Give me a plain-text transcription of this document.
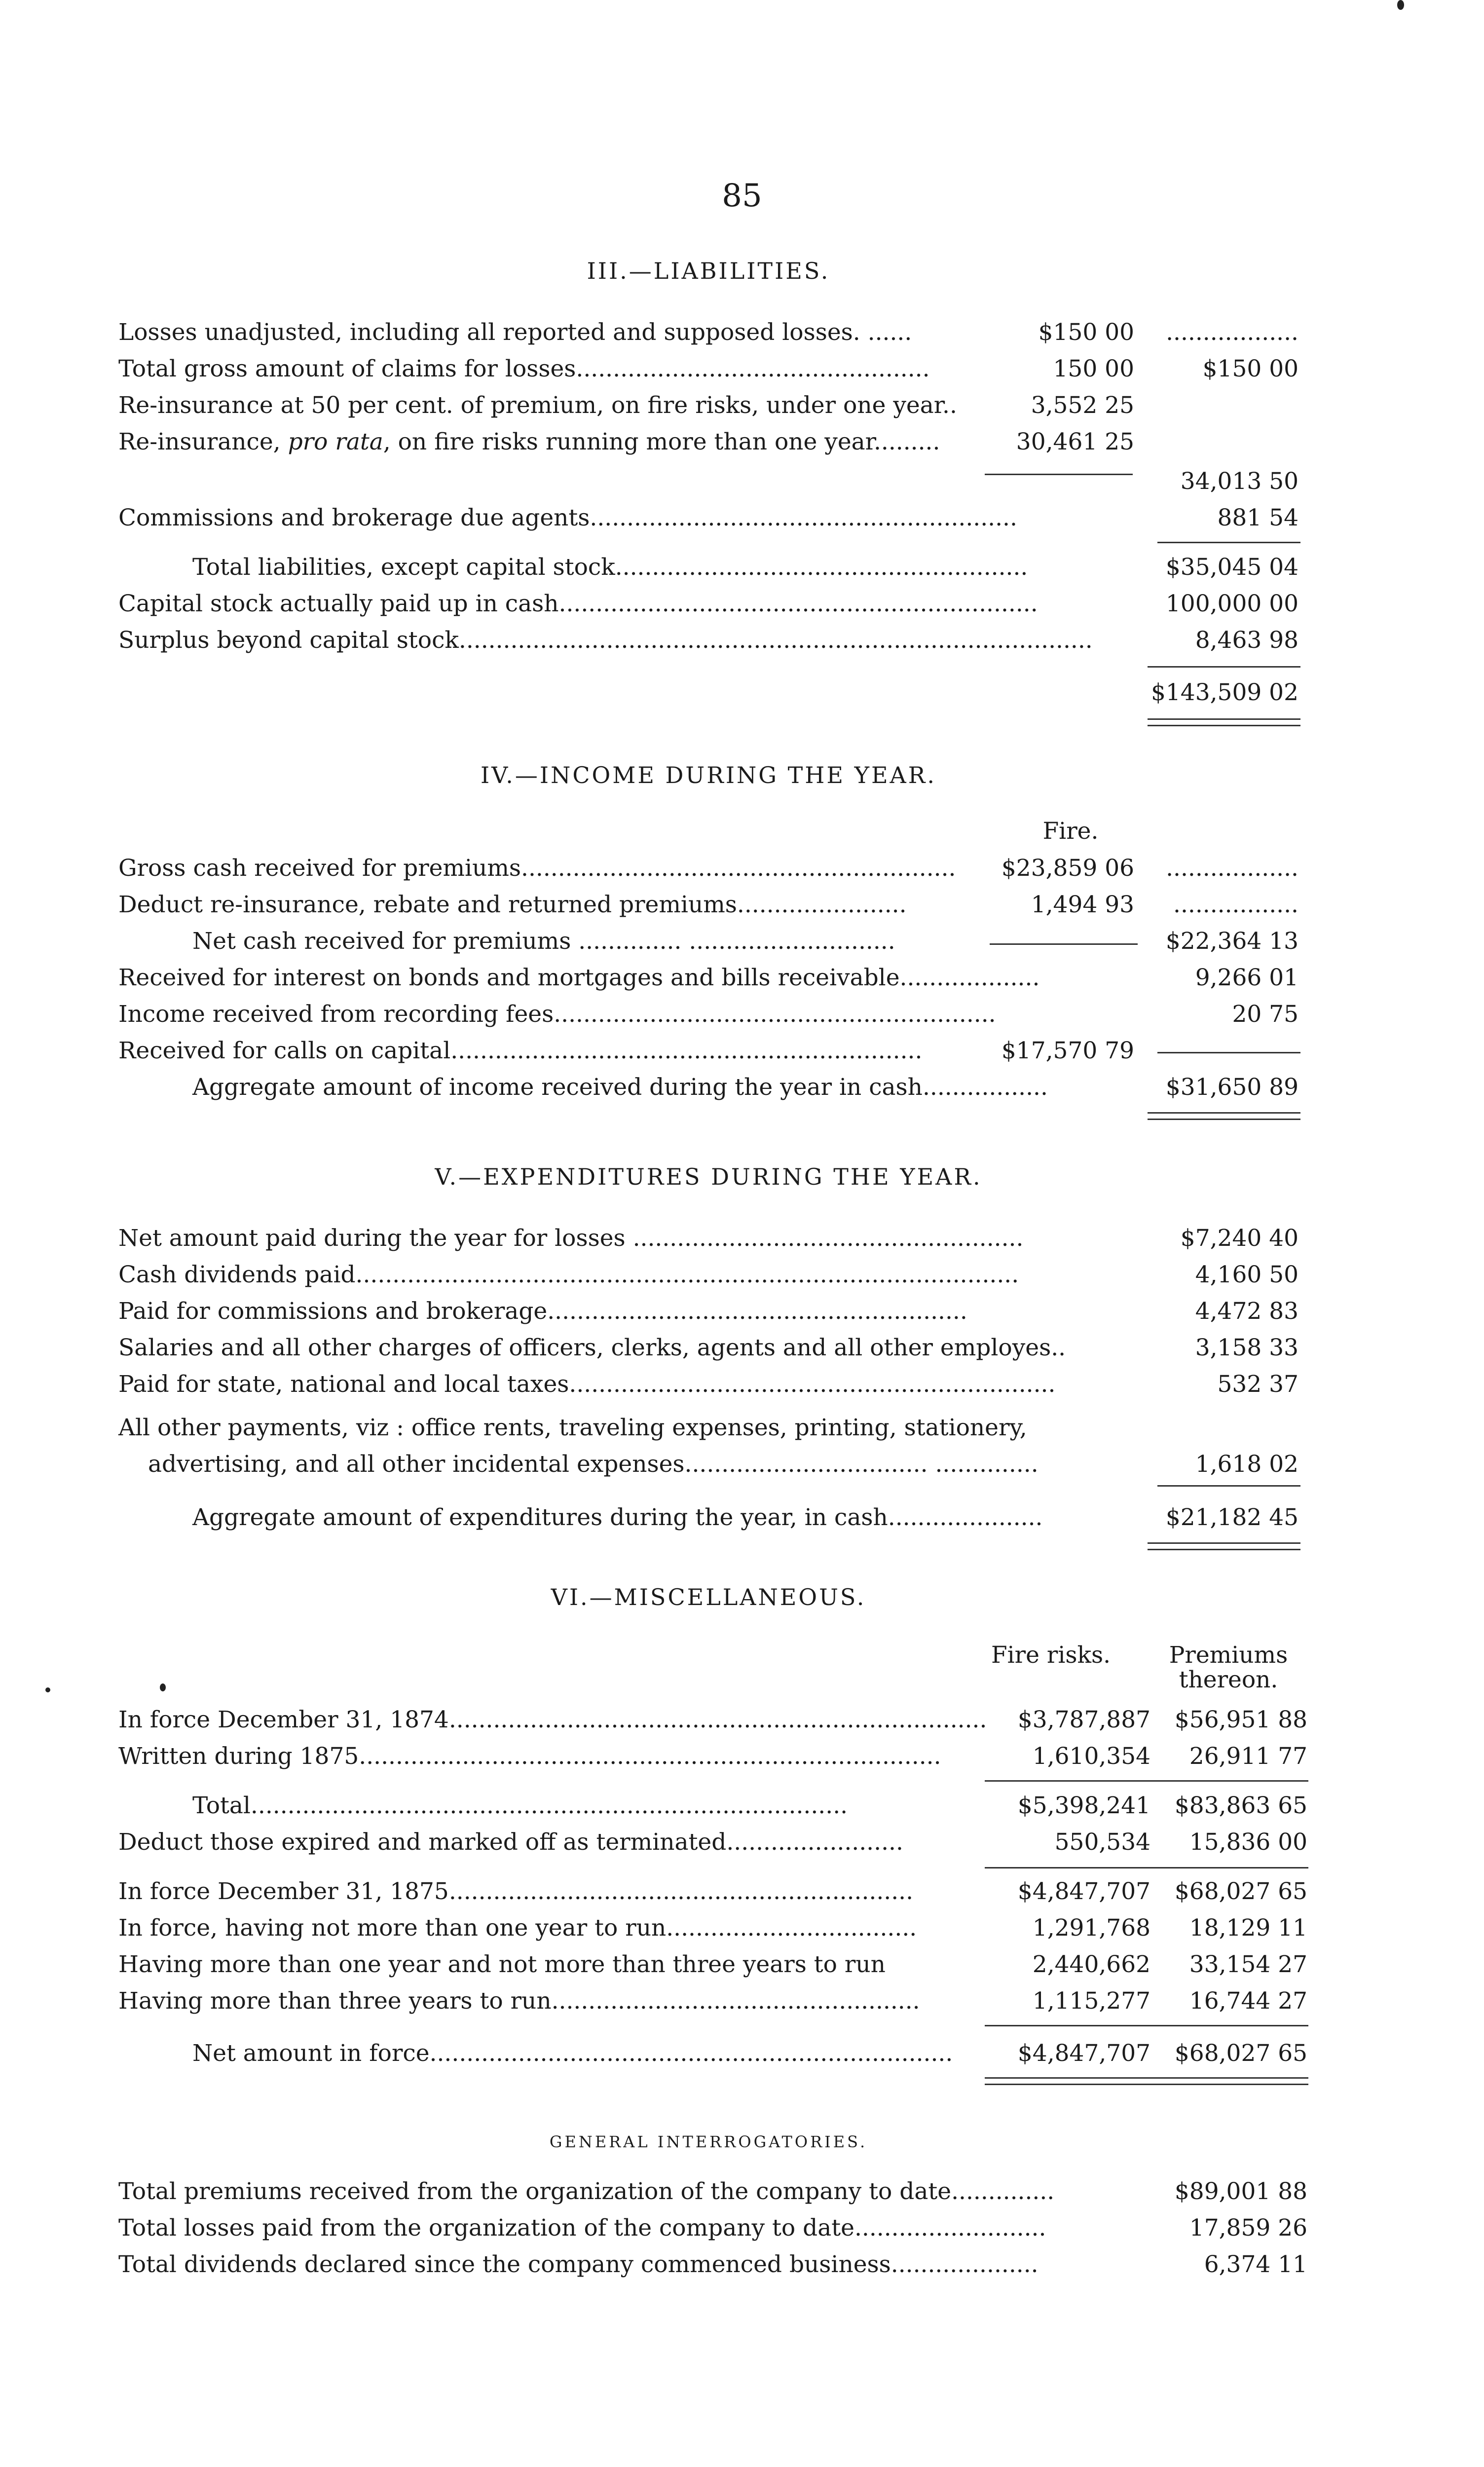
85
III.—LIABILITIES.
Losses unadjusted, including all reported and supposed losses. ......	$150 00 ..................
Total gross amount of claims for losses................................................	150 00	$150 00
Re-insurance at 50 per cent. of premium, on fire risks, under one year..	3,552 25
Re-insurance, pro rata, on fire risks running more than one year.........	30,461 25
34,013 50
Commissions and brokerage due agents..........................................................	881 54
Total liabilities, except capital stock........................................................	$35,045 04
Capital stock actually paid up in cash.................................................................	100,000 00
Surplus beyond capital stock......................................................................................	8,463 98
$143,509 02
IV.—INCOME DURING THE YEAR.
Fire.
Gross cash received for premiums........................................................... $23,859 06 ..................
Deduct re-insurance, rebate and returned premiums.......................	1,494 93 .................
Net cash received for premiums .............. ............................	$22,364 13
Received for interest on bonds and mortgages and bills receivable...................	9,266 01
Income received from recording fees............................................................	20 75
Received for calls on capital................................................................	$17,570 79
Aggregate amount of income received during the year in cash.................	$31,650 89
V.—EXPENDITURES DURING THE YEAR.
Net amount paid during the year for losses .....................................................	$7,240 40
Cash dividends paid..........................................................................................	4,160 50
Paid for commissions and brokerage.........................................................	4,472 83
Salaries and all other charges of officers, clerks, agents and all other employes..	3,158 33
Paid for state, national and local taxes..................................................................	532 37
All other payments, viz : office rents, traveling expenses, printing, stationery,
advertising, and all other incidental expenses................................. ..............	1,618 02
Aggregate amount of expenditures during the year, in cash.....................	$21,182 45
VI.—MISCELLANEOUS.
Fire risks.	Premiums
thereon.
In force December 31, 1874......................................................................... $3,787,887 $56,951 88
Written during 1875...............................................................................	1,610,354 26,911 77
Total.................................................................................	$5,398,241 $83,863 65
Deduct those expired and marked off as terminated........................	550,534 15,836 00
In force December 31, 1875...............................................................	$4,847,707 $68,027 65
In force, having not more than one year to run..................................	1,291,768 18,129 11
Having more than one year and not more than three years to run	2,440,662 33,154 27
Having more than three years to run..................................................	1,115,277 16,744 27
Net amount in force.......................................................................	$4,847,707 $68,027 65
GENERAL INTERROGATORIES.
Total premiums received from the organization of the company to date..............	$89,001 88
Total losses paid from the organization of the company to date..........................	17,859 26
Total dividends declared since the company commenced business....................	6,374 11
